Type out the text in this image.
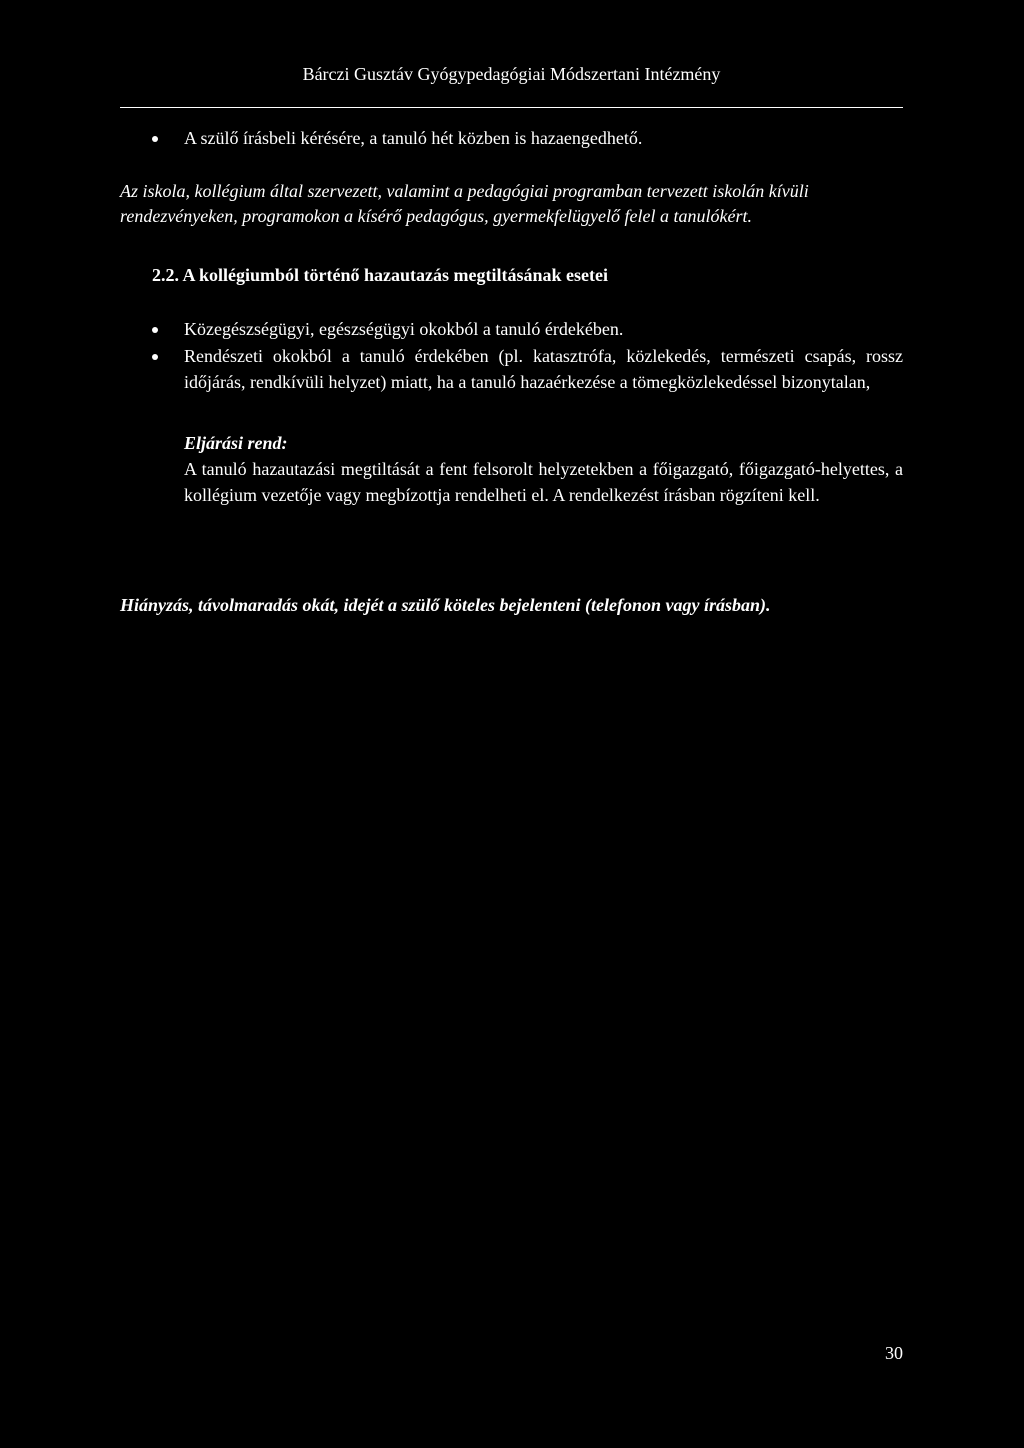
Bárczi Gusztáv Gyógypedagógiai Módszertani Intézmény
A szülő írásbeli kérésére, a tanuló hét közben is hazaengedhető.
Az iskola, kollégium által szervezett, valamint a pedagógiai programban tervezett iskolán kívüli rendezvényeken, programokon a kísérő pedagógus, gyermekfelügyelő felel a tanulókért.
2.2. A kollégiumból történő hazautazás megtiltásának esetei
Közegészségügyi, egészségügyi okokból a tanuló érdekében.
Rendészeti okokból a tanuló érdekében (pl. katasztrófa, közlekedés, természeti csapás, rossz időjárás, rendkívüli helyzet) miatt, ha a tanuló hazaérkezése a tömegközlekedéssel bizonytalan,
Eljárási rend:
A tanuló hazautazási megtiltását a fent felsorolt helyzetekben a főigazgató, főigazgató-helyettes, a kollégium vezetője vagy megbízottja rendelheti el. A rendelkezést írásban rögzíteni kell.
Hiányzás, távolmaradás okát, idejét a szülő köteles bejelenteni (telefonon vagy írásban).
30
